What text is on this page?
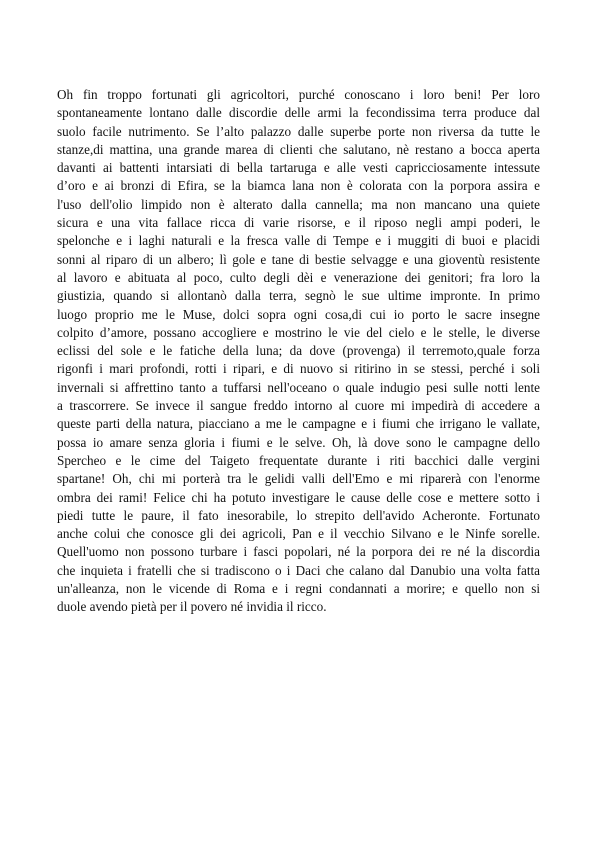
Oh fin troppo fortunati gli agricoltori, purché conoscano i loro beni! Per loro
spontaneamente lontano dalle discordie delle armi la fecondissima terra produce dal
suolo facile nutrimento. Se l’alto palazzo dalle superbe porte non riversa da tutte le
stanze,di mattina, una grande marea di clienti che salutano, nè restano a bocca aperta
davanti ai battenti intarsiati di bella tartaruga e alle vesti capricciosamente intessute
d’oro e ai bronzi di Efira, se la biamca lana non è colorata con la porpora assira e
l'uso dell'olio limpido non è alterato dalla cannella; ma non mancano una quiete
sicura e una vita fallace ricca di varie risorse, e il riposo negli ampi poderi, le
spelonche e i laghi naturali e la fresca valle di Tempe e i muggiti di buoi e placidi
sonni al riparo di un albero; lì gole e tane di bestie selvagge e una gioventù resistente
al lavoro e abituata al poco, culto degli dèi e venerazione dei genitori; fra loro la
giustizia, quando si allontanò dalla terra, segnò le sue ultime impronte. In primo
luogo proprio me le Muse, dolci sopra ogni cosa,di cui io porto le sacre insegne
colpito d’amore, possano accogliere e mostrino le vie del cielo e le stelle, le diverse
eclissi del sole e le fatiche della luna; da dove (provenga) il terremoto,quale forza
rigonfi i mari profondi, rotti i ripari, e di nuovo si ritirino in se stessi, perché i soli
invernali si affrettino tanto a tuffarsi nell'oceano o quale indugio pesi sulle notti lente
a trascorrere. Se invece il sangue freddo intorno al cuore mi impedirà di accedere a
queste parti della natura, piacciano a me le campagne e i fiumi che irrigano le vallate,
possa io amare senza gloria i fiumi e le selve. Oh, là dove sono le campagne dello
Spercheo e le cime del Taigeto frequentate durante i riti bacchici dalle vergini
spartane! Oh, chi mi porterà tra le gelidi valli dell'Emo e mi riparerà con l'enorme
ombra dei rami! Felice chi ha potuto investigare le cause delle cose e mettere sotto i
piedi tutte le paure, il fato inesorabile, lo strepito dell'avido Acheronte. Fortunato
anche colui che conosce gli dei agricoli, Pan e il vecchio Silvano e le Ninfe sorelle.
Quell'uomo non possono turbare i fasci popolari, né la porpora dei re né la discordia
che inquieta i fratelli che si tradiscono o i Daci che calano dal Danubio una volta fatta
un'alleanza, non le vicende di Roma e i regni condannati a morire; e quello non si
duole avendo pietà per il povero né invidia il ricco.
